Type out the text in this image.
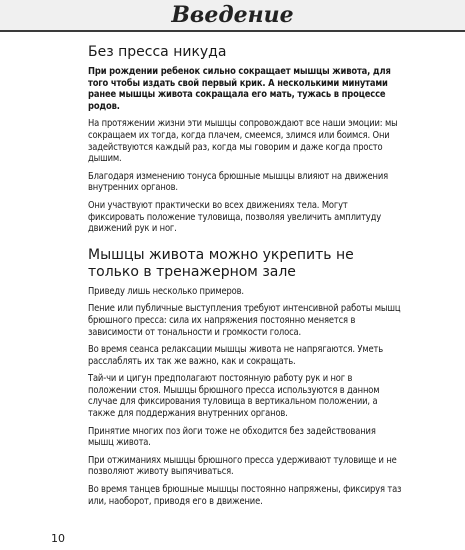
Введение
Без пресса никуда

При рождении ребенок сильно сокращает мышцы живота, для того чтобы издать свой первый крик. А несколькими минутами ранее мышцы живота сокращала его мать, тужась в процессе родов.

На протяжении жизни эти мышцы сопровождают все наши эмоции: мы сокращаем их тогда, когда плачем, смеемся, злимся или боимся. Они задействуются каждый раз, когда мы говорим и даже когда просто дышим.

Благодаря изменению тонуса брюшные мышцы влияют на движения внутренних органов.

Они участвуют практически во всех движениях тела. Могут фиксировать положение туловища, позволяя увеличить амплитуду движений рук и ног.

Мышцы живота можно укрепить не только в тренажерном зале

Приведу лишь несколько примеров.

Пение или публичные выступления требуют интенсивной работы мышц брюшного пресса: сила их напряжения постоянно меняется в зависимости от тональности и громкости голоса.

Во время сеанса релаксации мышцы живота не напрягаются. Уметь расслаблять их так же важно, как и сокращать.

Тай-чи и цигун предполагают постоянную работу рук и ног в положении стоя. Мышцы брюшного пресса используются в данном случае для фиксирования туловища в вертикальном положении, а также для поддержания внутренних органов.

Принятие многих поз йоги тоже не обходится без задействования мышц живота.

При отжиманиях мышцы брюшного пресса удерживают туловище и не позволяют животу выпячиваться.

Во время танцев брюшные мышцы постоянно напряжены, фиксируя таз или, наоборот, приводя его в движение.

10
